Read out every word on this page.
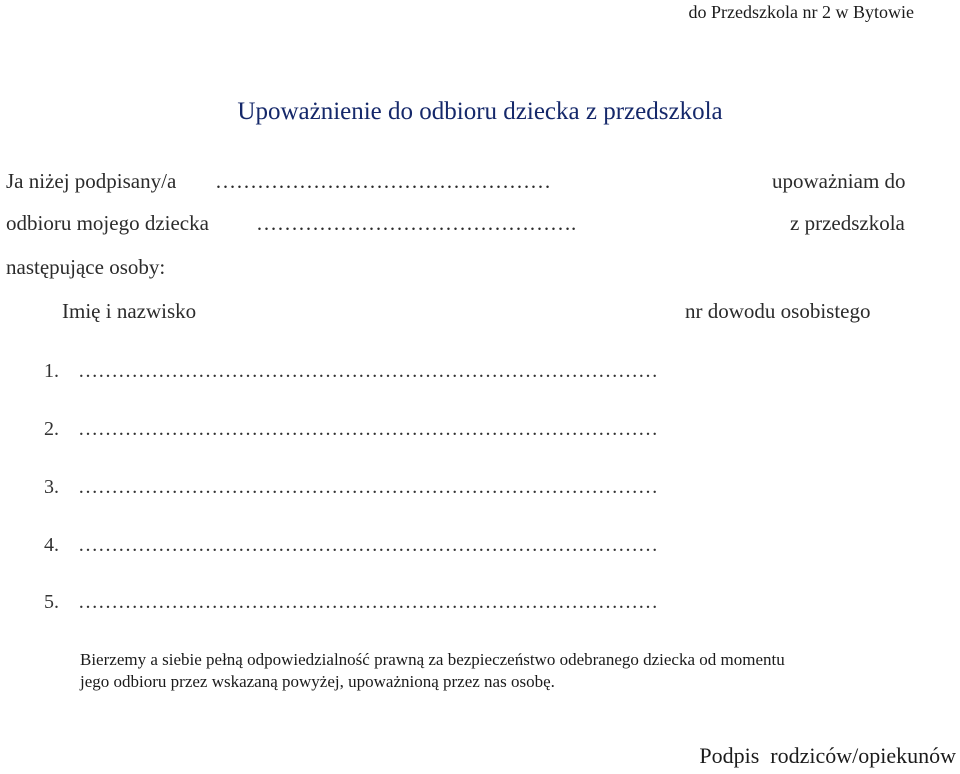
do Przedszkola nr 2 w Bytowie

Upoważnienie do odbioru dziecka z przedszkola

Ja niżej podpisany/a …………………………………………	upoważniam do

odbioru mojego dziecka ……………………………………….	z przedszkola

następujące osoby:

Imię i nazwisko	nr dowodu osobistego

1. ……………………………………………………………………………

2. ……………………………………………………………………………

3. ……………………………………………………………………………

4. ……………………………………………………………………………

5. ……………………………………………………………………………

Bierzemy a siebie pełną odpowiedzialność prawną za bezpieczeństwo odebranego dziecka od momentu

jego odbioru przez wskazaną powyżej, upoważnioną przez nas osobę.

Podpis  rodziców/opiekunów
